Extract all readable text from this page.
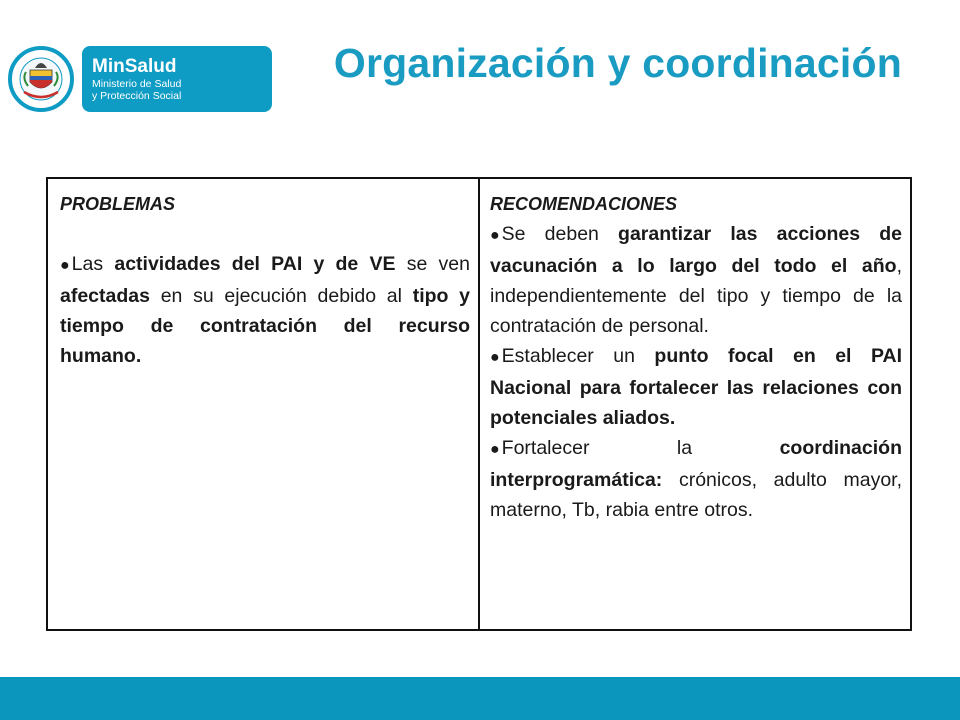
MinSalud
Ministerio de Salud
y Protección Social
Organización y coordinación
PROBLEMAS
● Las actividades del PAI y de VE se ven afectadas en su ejecución debido al tipo y tiempo de contratación del recurso humano.
RECOMENDACIONES
● Se deben garantizar las acciones de vacunación a lo largo del todo el año, independientemente del tipo y tiempo de la contratación de personal.
● Establecer un punto focal en el PAI Nacional para fortalecer las relaciones con potenciales aliados.
● Fortalecer la coordinación interprogramática: crónicos, adulto mayor, materno, Tb, rabia entre otros.
